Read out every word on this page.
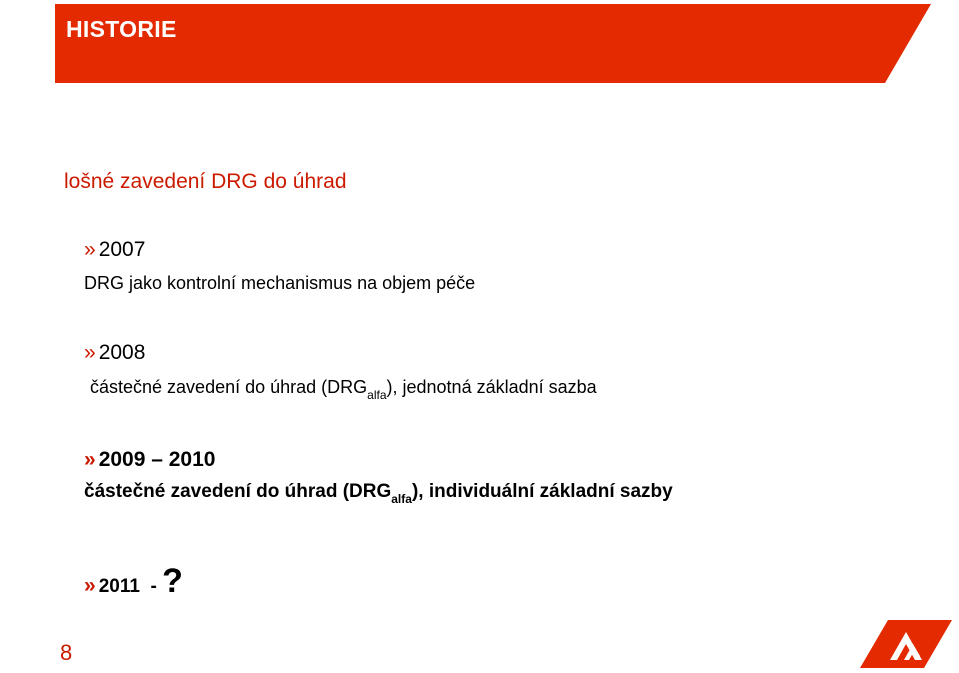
HISTORIE
lošné zavedení DRG do úhrad
» 2007
DRG jako kontrolní mechanismus na objem péče
» 2008
částečné zavedení do úhrad $(DRG_{alfa})$, jednotná základní sazba
» 2009 – 2010
částečné zavedení do úhrad $(DRG_{alfa})$, individuální základní sazby
» 2011  - ?
8
